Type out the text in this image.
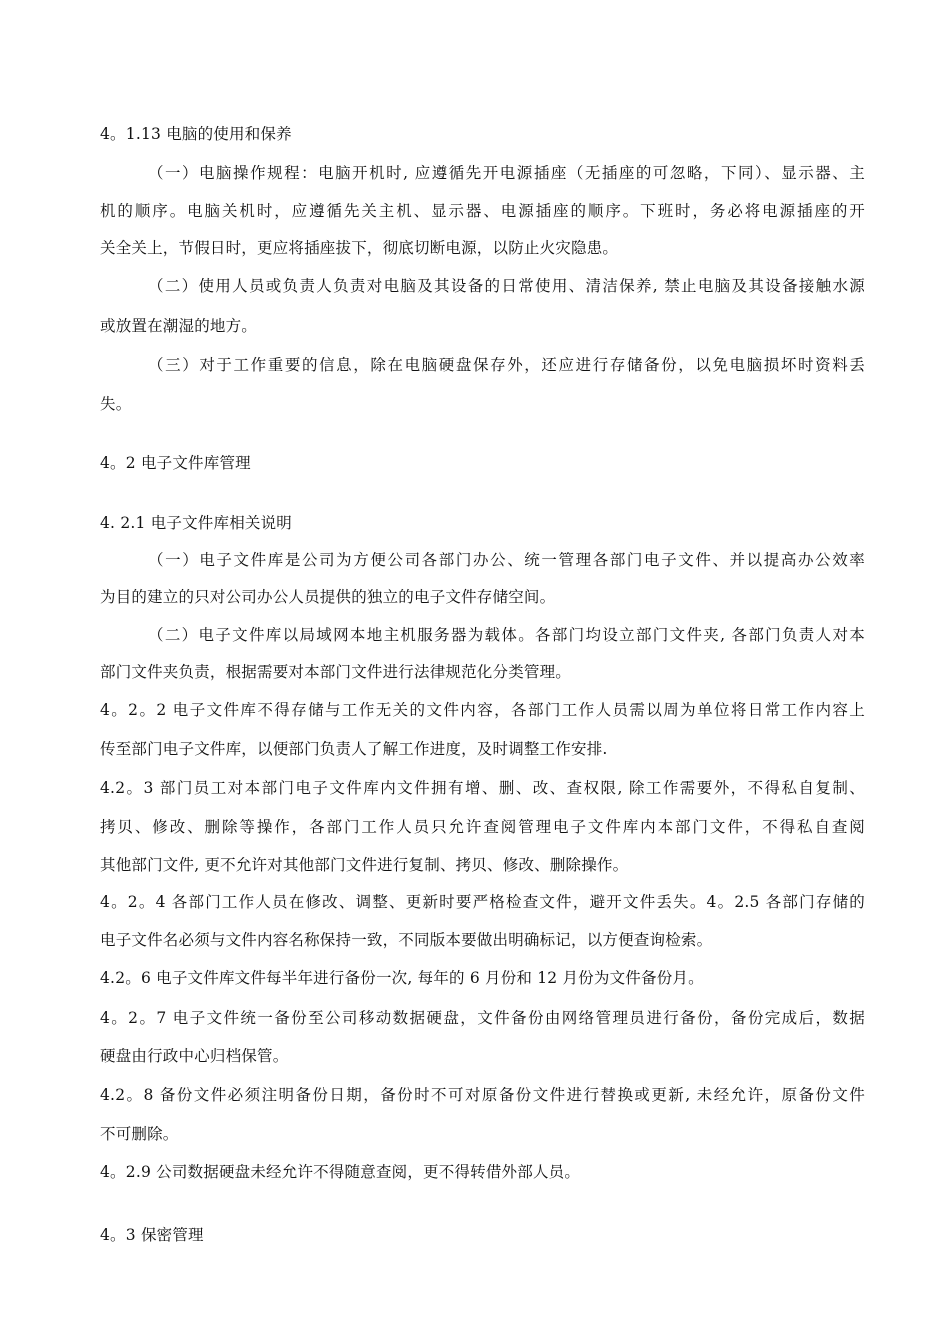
4。1.13 电脑的使用和保养
（一）电脑操作规程：电脑开机时, 应遵循先开电源插座（无插座的可忽略，下同）、显示器、主
机的顺序。电脑关机时，应遵循先关主机、显示器、电源插座的顺序。下班时，务必将电源插座的开
关全关上，节假日时，更应将插座拔下，彻底切断电源，以防止火灾隐患。
（二）使用人员或负责人负责对电脑及其设备的日常使用、清洁保养, 禁止电脑及其设备接触水源
或放置在潮湿的地方。
（三）对于工作重要的信息，除在电脑硬盘保存外，还应进行存储备份，以免电脑损坏时资料丢
失。
4。2 电子文件库管理
4. 2.1 电子文件库相关说明
（一）电子文件库是公司为方便公司各部门办公、统一管理各部门电子文件、并以提高办公效率
为目的建立的只对公司办公人员提供的独立的电子文件存储空间。
（二）电子文件库以局域网本地主机服务器为载体。各部门均设立部门文件夹, 各部门负责人对本
部门文件夹负责，根据需要对本部门文件进行法律规范化分类管理。
4。2。2 电子文件库不得存储与工作无关的文件内容，各部门工作人员需以周为单位将日常工作内容上
传至部门电子文件库，以便部门负责人了解工作进度，及时调整工作安排.
4.2。3 部门员工对本部门电子文件库内文件拥有增、删、改、查权限, 除工作需要外，不得私自复制、
拷贝、修改、删除等操作，各部门工作人员只允许查阅管理电子文件库内本部门文件，不得私自查阅
其他部门文件, 更不允许对其他部门文件进行复制、拷贝、修改、删除操作。
4。2。4 各部门工作人员在修改、调整、更新时要严格检查文件，避开文件丢失。4。2.5 各部门存储的
电子文件名必须与文件内容名称保持一致，不同版本要做出明确标记，以方便查询检索。
4.2。6 电子文件库文件每半年进行备份一次, 每年的 6 月份和 12 月份为文件备份月。
4。2。7 电子文件统一备份至公司移动数据硬盘，文件备份由网络管理员进行备份，备份完成后，数据
硬盘由行政中心归档保管。
4.2。8 备份文件必须注明备份日期，备份时不可对原备份文件进行替换或更新, 未经允许，原备份文件
不可删除。
4。2.9 公司数据硬盘未经允许不得随意查阅，更不得转借外部人员。
4。3 保密管理
